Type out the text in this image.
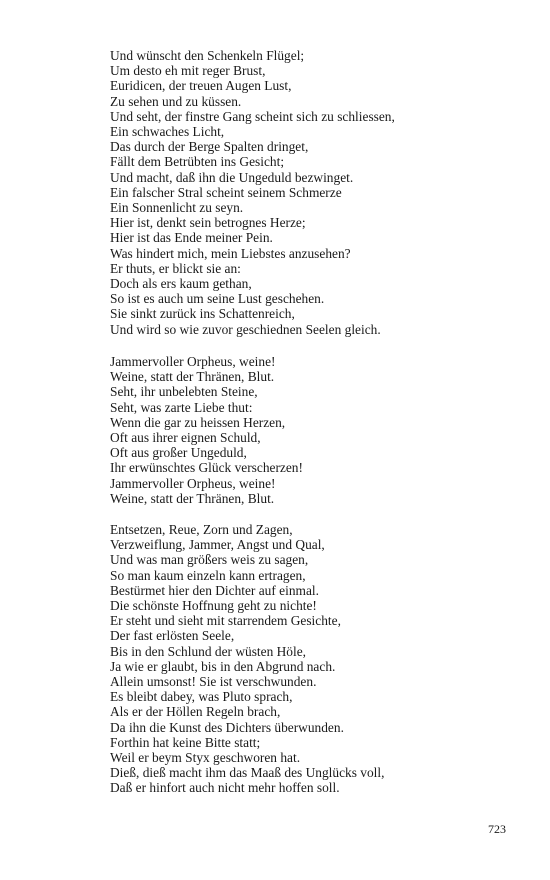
Und wünscht den Schenkeln Flügel;
Um desto eh mit reger Brust,
Euridicen, der treuen Augen Lust,
Zu sehen und zu küssen.
Und seht, der finstre Gang scheint sich zu schliessen,
Ein schwaches Licht,
Das durch der Berge Spalten dringet,
Fällt dem Betrübten ins Gesicht;
Und macht, daß ihn die Ungeduld bezwinget.
Ein falscher Stral scheint seinem Schmerze
Ein Sonnenlicht zu seyn.
Hier ist, denkt sein betrognes Herze;
Hier ist das Ende meiner Pein.
Was hindert mich, mein Liebstes anzusehen?
Er thuts, er blickt sie an:
Doch als ers kaum gethan,
So ist es auch um seine Lust geschehen.
Sie sinkt zurück ins Schattenreich,
Und wird so wie zuvor geschiednen Seelen gleich.
Jammervoller Orpheus, weine!
Weine, statt der Thränen, Blut.
Seht, ihr unbelebten Steine,
Seht, was zarte Liebe thut:
Wenn die gar zu heissen Herzen,
Oft aus ihrer eignen Schuld,
Oft aus großer Ungeduld,
Ihr erwünschtes Glück verscherzen!
Jammervoller Orpheus, weine!
Weine, statt der Thränen, Blut.
Entsetzen, Reue, Zorn und Zagen,
Verzweiflung, Jammer, Angst und Qual,
Und was man größers weis zu sagen,
So man kaum einzeln kann ertragen,
Bestürmet hier den Dichter auf einmal.
Die schönste Hoffnung geht zu nichte!
Er steht und sieht mit starrendem Gesichte,
Der fast erlösten Seele,
Bis in den Schlund der wüsten Höle,
Ja wie er glaubt, bis in den Abgrund nach.
Allein umsonst! Sie ist verschwunden.
Es bleibt dabey, was Pluto sprach,
Als er der Höllen Regeln brach,
Da ihn die Kunst des Dichters überwunden.
Forthin hat keine Bitte statt;
Weil er beym Styx geschworen hat.
Dieß, dieß macht ihm das Maaß des Unglücks voll,
Daß er hinfort auch nicht mehr hoffen soll.
723
